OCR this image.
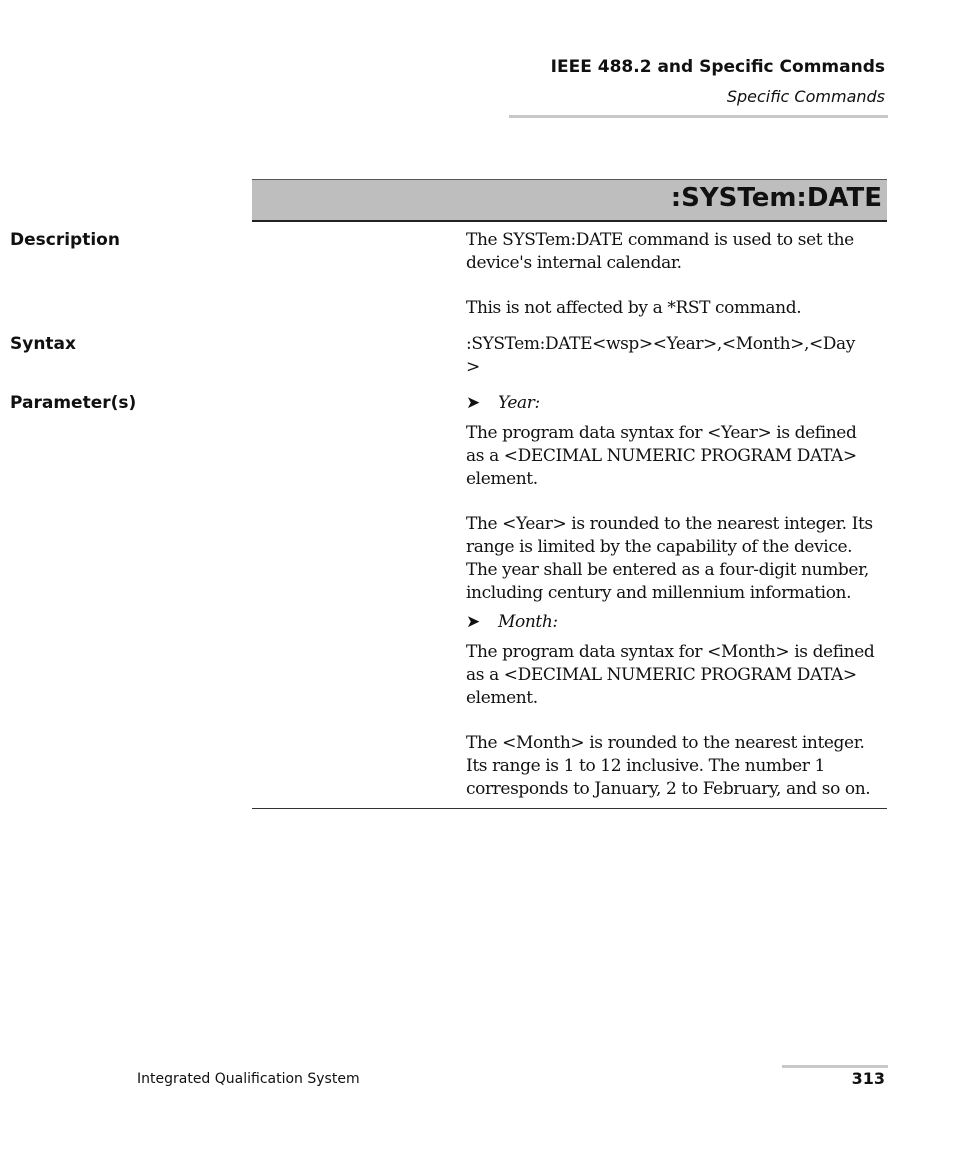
IEEE 488.2 and Specific Commands
Specific Commands
:SYSTem:DATE
Description	The SYSTem:DATE command is used to set the
device's internal calendar.
This is not affected by a *RST command.
Syntax	:SYSTem:DATE<wsp><Year>,<Month>,<Day
>
Parameter(s)	➤ Year:
The program data syntax for <Year> is defined
as a <DECIMAL NUMERIC PROGRAM DATA>
element.
The <Year> is rounded to the nearest integer. Its
range is limited by the capability of the device.
The year shall be entered as a four-digit number,
including century and millennium information.
➤ Month:
The program data syntax for <Month> is defined
as a <DECIMAL NUMERIC PROGRAM DATA>
element.
The <Month> is rounded to the nearest integer.
Its range is 1 to 12 inclusive. The number 1
corresponds to January, 2 to February, and so on.
Integrated Qualification System	313
